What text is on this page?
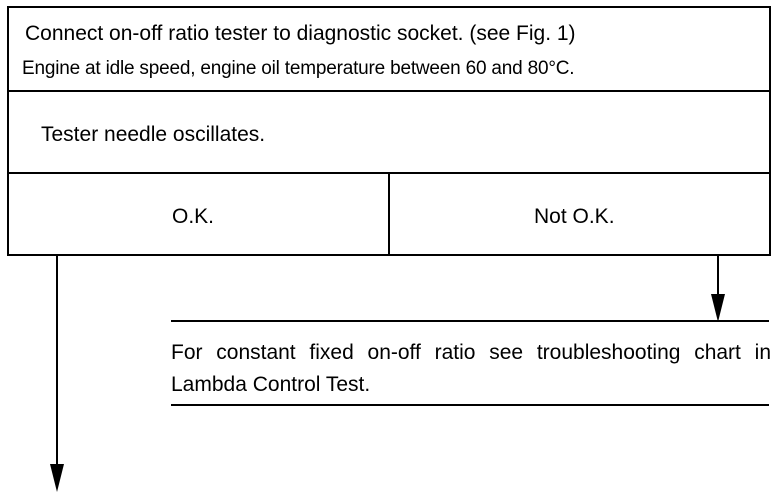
Connect on-off ratio tester to diagnostic socket. (see Fig. 1)
Engine at idle speed, engine oil temperature between 60 and 80°C.
Tester needle oscillates.
O.K.	Not O.K.
For constant fixed on-off ratio see troubleshooting chart in Lambda Control Test.
